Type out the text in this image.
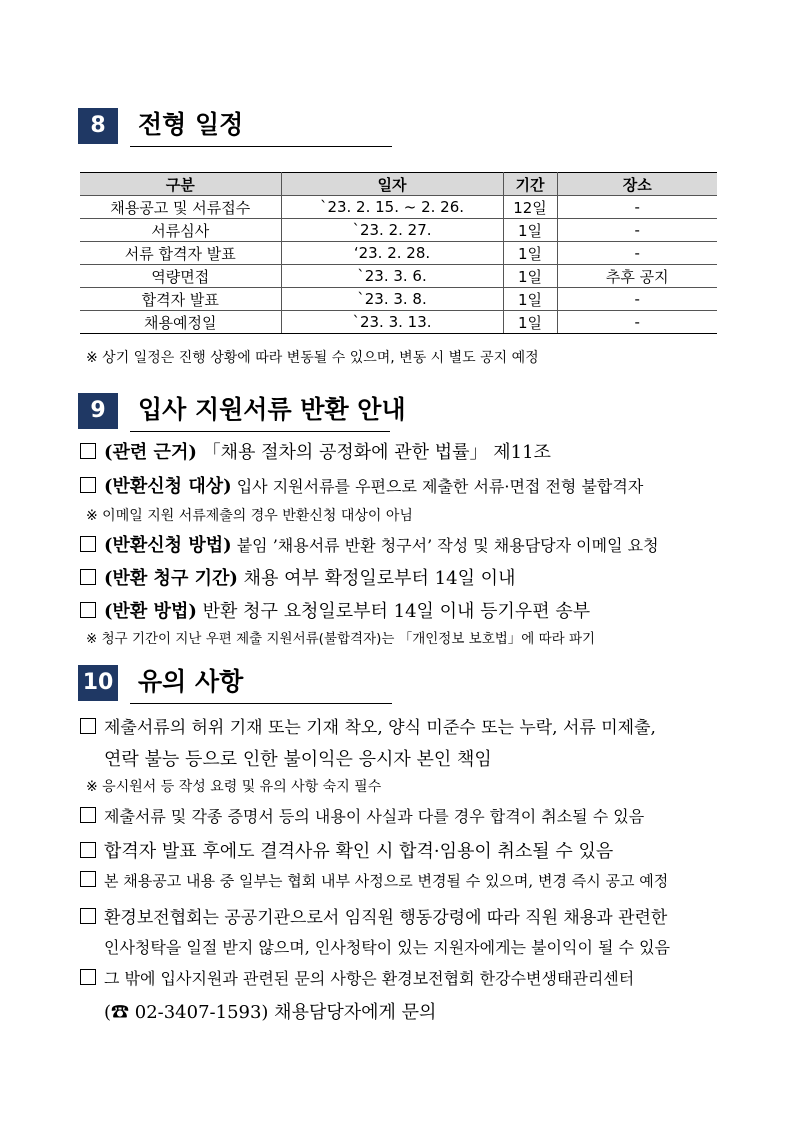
8	전형 일정
구분	일자	기간	장소
채용공고 및 서류접수	`23. 2. 15. ~ 2. 26.	12일	-
서류심사	`23. 2. 27.	1일	-
서류 합격자 발표	‘23. 2. 28.	1일	-
역량면접	`23. 3. 6.	1일	추후 공지
합격자 발표	`23. 3. 8.	1일	-
채용예정일	`23. 3. 13.	1일	-
※ 상기 일정은 진행 상황에 따라 변동될 수 있으며, 변동 시 별도 공지 예정
9	입사 지원서류 반환 안내
(관련 근거) 「채용 절차의 공정화에 관한 법률」 제11조
(반환신청 대상) 입사 지원서류를 우편으로 제출한 서류·면접 전형 불합격자
※ 이메일 지원 서류제출의 경우 반환신청 대상이 아님
(반환신청 방법) 붙임 ’채용서류 반환 청구서’ 작성 및 채용담당자 이메일 요청
(반환 청구 기간) 채용 여부 확정일로부터 14일 이내
(반환 방법) 반환 청구 요청일로부터 14일 이내 등기우편 송부
※ 청구 기간이 지난 우편 제출 지원서류(불합격자)는 「개인정보 보호법」에 따라 파기
10 유의 사항
제출서류의 허위 기재 또는 기재 착오, 양식 미준수 또는 누락, 서류 미제출,
연락 불능 등으로 인한 불이익은 응시자 본인 책임
※ 응시원서 등 작성 요령 및 유의 사항 숙지 필수
제출서류 및 각종 증명서 등의 내용이 사실과 다를 경우 합격이 취소될 수 있음
합격자 발표 후에도 결격사유 확인 시 합격·임용이 취소될 수 있음
본 채용공고 내용 중 일부는 협회 내부 사정으로 변경될 수 있으며, 변경 즉시 공고 예정
환경보전협회는 공공기관으로서 임직원 행동강령에 따라 직원 채용과 관련한
인사청탁을 일절 받지 않으며, 인사청탁이 있는 지원자에게는 불이익이 될 수 있음
그 밖에 입사지원과 관련된 문의 사항은 환경보전협회 한강수변생태관리센터
(☎ 02-3407-1593) 채용담당자에게 문의
